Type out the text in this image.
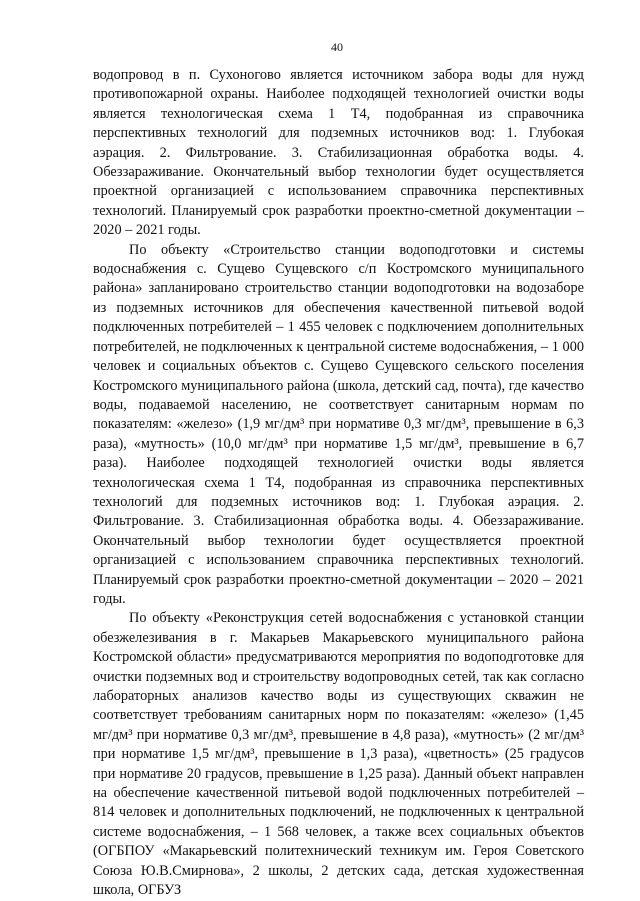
40

водопровод в п. Сухоногово является источником забора воды для нужд противопожарной охраны. Наиболее подходящей технологией очистки воды является технологическая схема 1 Т4, подобранная из справочника перспективных технологий для подземных источников вод: 1. Глубокая аэрация. 2. Фильтрование. 3. Стабилизационная обработка воды. 4. Обеззараживание. Окончательный выбор технологии будет осуществляется проектной организацией с использованием справочника перспективных технологий. Планируемый срок разработки проектно-сметной документации – 2020 – 2021 годы.

По объекту «Строительство станции водоподготовки и системы водоснабжения с. Сущево Сущевского с/п Костромского муниципального района» запланировано строительство станции водоподготовки на водозаборе из подземных источников для обеспечения качественной питьевой водой подключенных потребителей – 1 455 человек с подключением дополнительных потребителей, не подключенных к центральной системе водоснабжения, – 1 000 человек и социальных объектов с. Сущево Сущевского сельского поселения Костромского муниципального района (школа, детский сад, почта), где качество воды, подаваемой населению, не соответствует санитарным нормам по показателям: «железо» (1,9 мг/дм³ при нормативе 0,3 мг/дм³, превышение в 6,3 раза), «мутность» (10,0 мг/дм³ при нормативе 1,5 мг/дм³, превышение в 6,7 раза). Наиболее подходящей технологией очистки воды является технологическая схема 1 Т4, подобранная из справочника перспективных технологий для подземных источников вод: 1. Глубокая аэрация. 2. Фильтрование. 3. Стабилизационная обработка воды. 4. Обеззараживание. Окончательный выбор технологии будет осуществляется проектной организацией с использованием справочника перспективных технологий. Планируемый срок разработки проектно-сметной документации – 2020 – 2021 годы.

По объекту «Реконструкция сетей водоснабжения с установкой станции обезжелезивания в г. Макарьев Макарьевского муниципального района Костромской области» предусматриваются мероприятия по водоподготовке для очистки подземных вод и строительству водопроводных сетей, так как согласно лабораторных анализов качество воды из существующих скважин не соответствует требованиям санитарных норм по показателям: «железо» (1,45 мг/дм³ при нормативе 0,3 мг/дм³, превышение в 4,8 раза), «мутность» (2 мг/дм³ при нормативе 1,5 мг/дм³, превышение в 1,3 раза), «цветность» (25 градусов при нормативе 20 градусов, превышение в 1,25 раза). Данный объект направлен на обеспечение качественной питьевой водой подключенных потребителей – 814 человек и дополнительных подключений, не подключенных к центральной системе водоснабжения, – 1 568 человек, а также всех социальных объектов (ОГБПОУ «Макарьевский политехнический техникум им. Героя Советского Союза Ю.В.Смирнова», 2 школы, 2 детских сада, детская художественная школа, ОГБУЗ
